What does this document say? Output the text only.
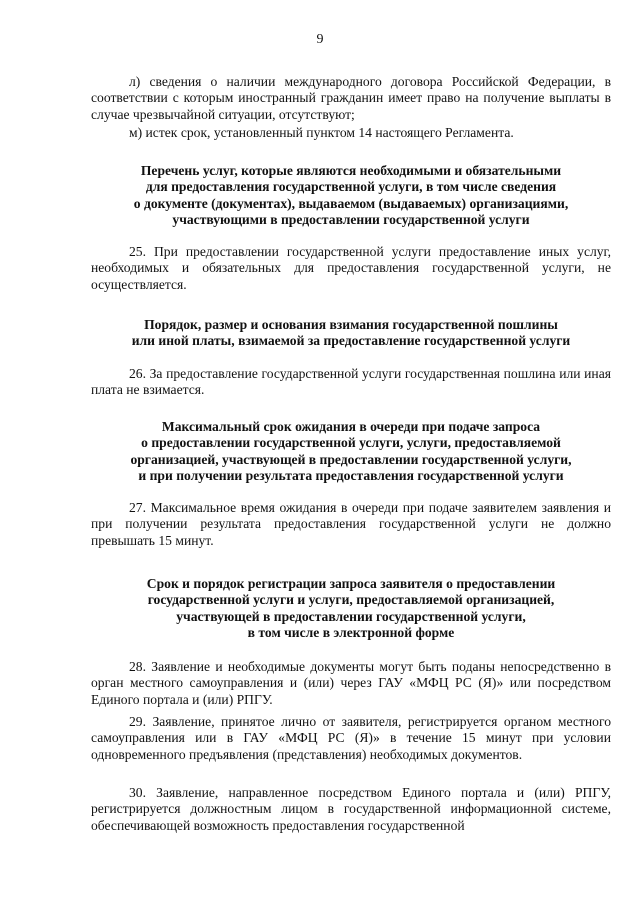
9

л) сведения о наличии международного договора Российской Федерации, в соответствии с которым иностранный гражданин имеет право на получение выплаты в случае чрезвычайной ситуации, отсутствуют;

м) истек срок, установленный пунктом 14 настоящего Регламента.

Перечень услуг, которые являются необходимыми и обязательными

для предоставления государственной услуги, в том числе сведения

о документе (документах), выдаваемом (выдаваемых) организациями,

участвующими в предоставлении государственной услуги

25. При предоставлении государственной услуги предоставление иных услуг, необходимых и обязательных для предоставления государственной услуги, не осуществляется.

Порядок, размер и основания взимания государственной пошлины

или иной платы, взимаемой за предоставление государственной услуги

26. За предоставление государственной услуги государственная пошлина или иная плата не взимается.

Максимальный срок ожидания в очереди при подаче запроса

о предоставлении государственной услуги, услуги, предоставляемой

организацией, участвующей в предоставлении государственной услуги,

и при получении результата предоставления государственной услуги

27. Максимальное время ожидания в очереди при подаче заявителем заявления и при получении результата предоставления государственной услуги не должно превышать 15 минут.

Срок и порядок регистрации запроса заявителя о предоставлении

государственной услуги и услуги, предоставляемой организацией,

участвующей в предоставлении государственной услуги,

в том числе в электронной форме

28. Заявление и необходимые документы могут быть поданы непосредственно в орган местного самоуправления и (или) через ГАУ «МФЦ РС (Я)» или посредством Единого портала и (или) РПГУ.

29. Заявление, принятое лично от заявителя, регистрируется органом местного самоуправления или в ГАУ «МФЦ РС (Я)» в течение 15 минут при условии одновременного предъявления (представления) необходимых документов.

30. Заявление, направленное посредством Единого портала и (или) РПГУ, регистрируется должностным лицом в государственной информационной системе, обеспечивающей возможность предоставления государственной
